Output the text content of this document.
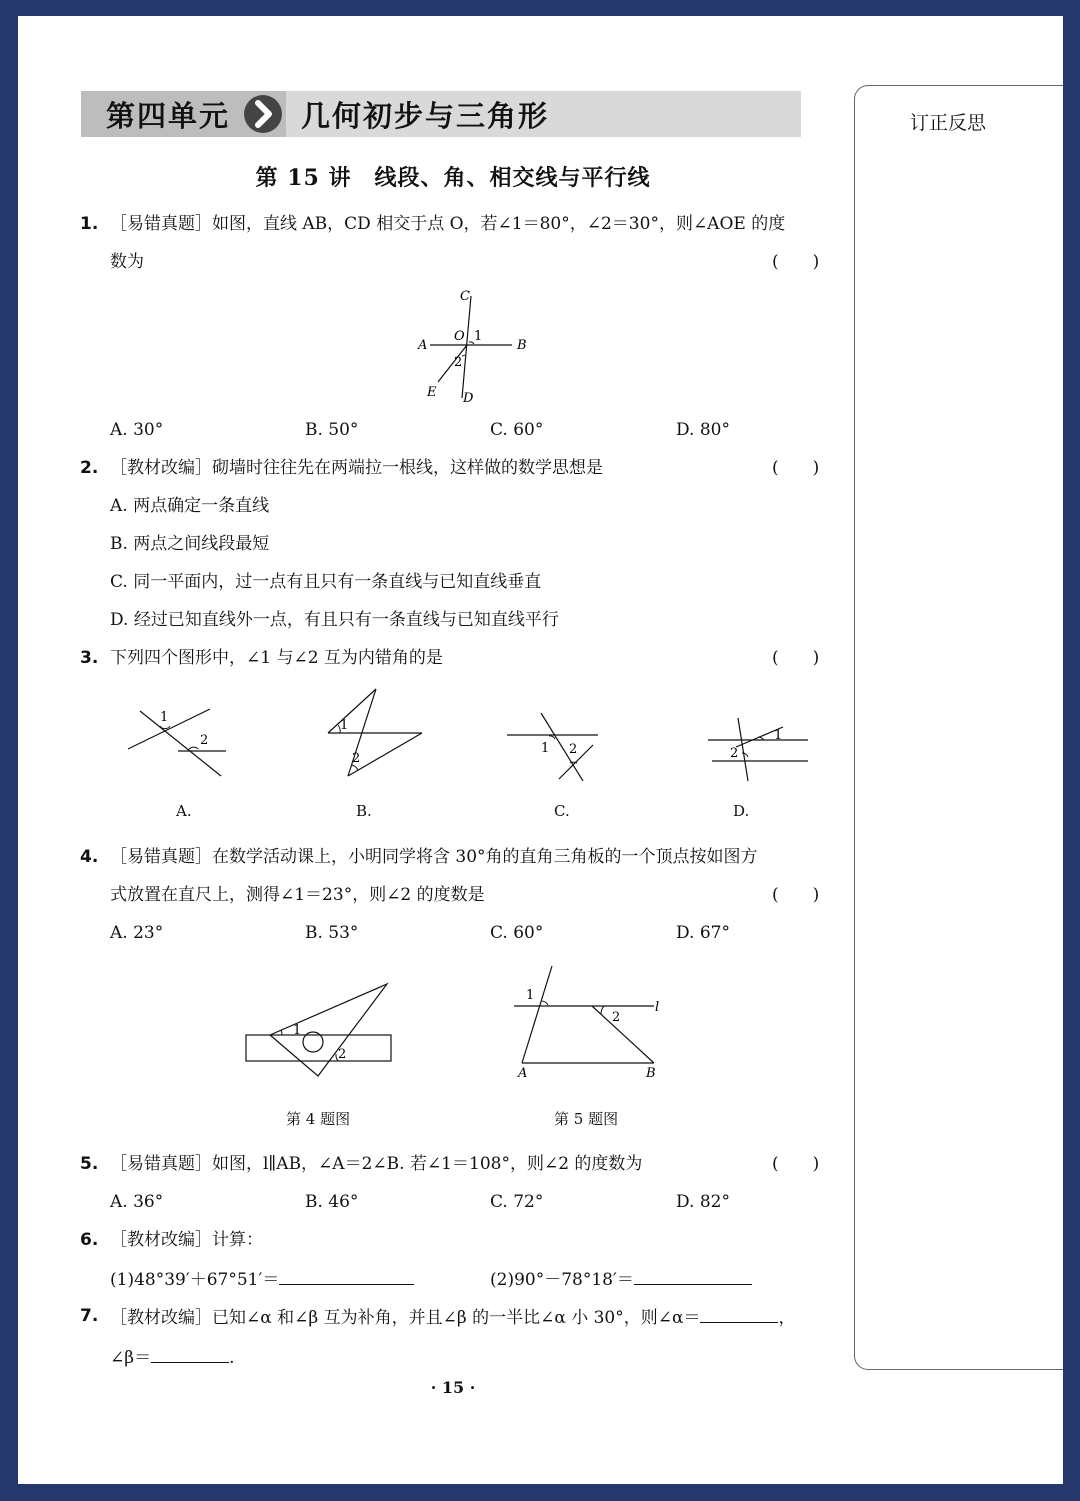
第四单元 几何初步与三角形	订正反思
第 15 讲　线段、角、相交线与平行线
1. ［易错真题］如图，直线 AB，CD 相交于点 O，若∠1＝80°，∠2＝30°，则∠AOE 的度
数为	(　　)
C
O 1
A	B
2
E D
A. 30°	B. 50°	C. 60°	D. 80°
2. ［教材改编］砌墙时往往先在两端拉一根线，这样做的数学思想是	(　　)
A. 两点确定一条直线
B. 两点之间线段最短
C. 同一平面内，过一点有且只有一条直线与已知直线垂直
D. 经过已知直线外一点，有且只有一条直线与已知直线平行
3. 下列四个图形中，∠1 与∠2 互为内错角的是	(　　)
1
2
1
2
1 2
1
2
A.	B.	C.	D.
4. ［易错真题］在数学活动课上，小明同学将含 30°角的直角三角板的一个顶点按如图方
式放置在直尺上，测得∠1＝23°，则∠2 的度数是	(　　)
A. 23°	B. 53°	C. 60°	D. 67°
1
2
1
2
l
A	B
第 4 题图	第 5 题图
5. ［易错真题］如图，l∥AB，∠A＝2∠B. 若∠1＝108°，则∠2 的度数为	(　　)
A. 36°	B. 46°	C. 72°	D. 82°
6. ［教材改编］计算：
(1)48°39′＋67°51′＝	(2)90°－78°18′＝
7. ［教材改编］已知∠α 和∠β 互为补角，并且∠β 的一半比∠α 小 30°，则∠α＝	，
∠β＝	.
· 15 ·
